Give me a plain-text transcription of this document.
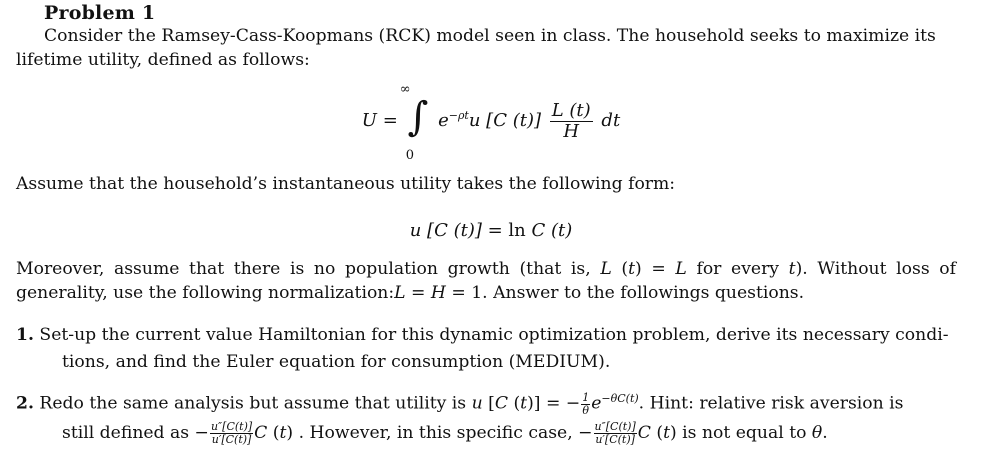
Problem 1
Consider the Ramsey-Cass-Koopmans (RCK) model seen in class. The household seeks to maximize its lifetime utility, defined as follows:
U = ∫
∞
0
$e^{-\rho t}u$ [C $(t)] \frac{L (t)}{H}$ dt
Assume that the household’s instantaneous utility takes the following form:
u [C (t)] = ln C (t)
Moreover, assume that there is no population growth (that is, L (t) = L for every t). Without loss of generality, use the following normalization:L = H = 1. Answer to the followings questions.
1. Set-up the current value Hamiltonian for this dynamic optimization problem, derive its necessary condi-
tions, and find the Euler equation for consumption (MEDIUM).
2. Redo the same analysis but assume that utility is u [C (t)] = − $\frac{1}{\theta} e^{-\theta C(t)}$. Hint: relative risk aversion is
still defined as − $\frac{u''[C(t)]}{u'[C(t)]}$ C (t) . However, in this specific case, − $\frac{u''[C(t)]}{u'[C(t)]}$ C (t) is not equal to θ.
